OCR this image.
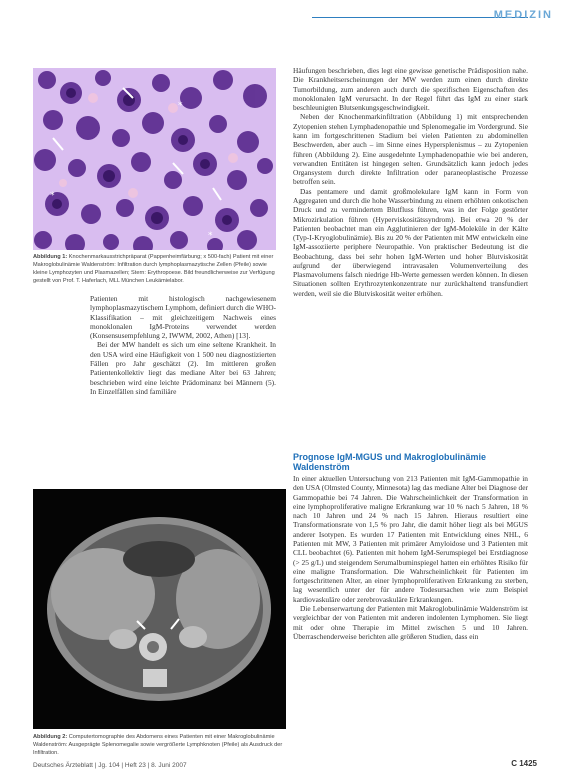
MEDIZIN
*
*
*
Abbildung 1: Knochenmarkausstrichpräparat (Pappenheimfärbung; x 500-fach) Patient mit einer Makroglobulinämie Waldenström: Infiltration durch lymphoplasmazytische Zellen (Pfeile) sowie kleine Lymphozyten und Plasmazellen; Stern: Erythropoese. Bild freundlicherweise zur Verfügung gestellt von Prof. T. Haferlach, MLL München Leukämielabor.

Patienten mit histologisch nachgewiesenem lymphoplasmazytischem Lymphom, definiert durch die WHO-Klassifikation – mit gleichzeitigem Nachweis eines monoklonalen IgM-Proteins verwendet werden (Konsensusempfehlung 2, IWWM, 2002, Athen) [13].

Bei der MW handelt es sich um eine seltene Krankheit. In den USA wird eine Häufigkeit von 1 500 neu diagnostizierten Fällen pro Jahr geschätzt (2). Im mittleren großen Patientenkollektiv liegt das mediane Alter bei 63 Jahren; beschrieben wird eine leichte Prädominanz bei Männern (5). In Einzelfällen sind familiäre

Abbildung 2: Computertomographie des Abdomens eines Patienten mit einer Makroglobulinämie Waldenström: Ausgeprägte Splenomegalie sowie vergrößerte Lymphknoten (Pfeile) als Ausdruck der Infiltration.

Häufungen beschrieben, dies legt eine gewisse genetische Prädisposition nahe. Die Krankheitserscheinungen der MW werden zum einen durch direkte Tumorbildung, zum anderen auch durch die spezifischen Eigenschaften des monoklonalen IgM verursacht. In der Regel führt das IgM zu einer stark beschleunigten Blutsenkungsgeschwindigkeit.

Neben der Knochenmarkinfiltration (Abbildung 1) mit entsprechenden Zytopenien stehen Lymphadenopathie und Splenomegalie im Vordergrund. Sie kann im fortgeschrittenen Stadium bei vielen Patienten zu abdominellen Beschwerden, aber auch – im Sinne eines Hypersplenismus – zu Zytopenien führen (Abbildung 2). Eine ausgedehnte Lymphadenopathie wie bei anderen, verwandten Entitäten ist hingegen selten. Grundsätzlich kann jedoch jedes Organsystem durch direkte Infiltration oder paraneoplastische Prozesse betroffen sein.

Das pentamere und damit großmolekulare IgM kann in Form von Aggregaten und durch die hohe Wasserbindung zu einem erhöhten onkotischen Druck und zu vermindertem Blutfluss führen, was in der Folge gestörter Mikrozirkulation führen (Hyperviskositätssyndrom). Bei etwa 20 % der Patienten beobachtet man ein Agglutinieren der IgM-Moleküle in der Kälte (Typ-I-Kryoglobulinämie). Bis zu 20 % der Patienten mit MW entwickeln eine IgM-assoziierte periphere Neuropathie. Von praktischer Bedeutung ist die Beobachtung, dass bei sehr hohen IgM-Werten und hoher Blutviskosität aufgrund der überwiegend intravasalen Volumenverteilung des Plasmavolumens falsch niedrige Hb-Werte gemessen werden können. In diesen Situationen sollten Erythrozytenkonzentrate nur zurückhaltend transfundiert werden, weil sie die Blutviskosität weiter erhöhen.

Prognose IgM-MGUS und Makroglobulinämie Waldenström

In einer aktuellen Untersuchung von 213 Patienten mit IgM-Gammopathie in den USA (Olmsted County, Minnesota) lag das mediane Alter bei Diagnose der Gammopathie bei 74 Jahren. Die Wahrscheinlichkeit der Transformation in eine lymphoproliferative maligne Erkrankung war 10 % nach 5 Jahren, 18 % nach 10 Jahren und 24 % nach 15 Jahren. Hieraus resultiert eine Transformationsrate von 1,5 % pro Jahr, die damit höher liegt als bei MGUS anderer Isotypen. Es wurden 17 Patienten mit Entwicklung eines NHL, 6 Patienten mit MW, 3 Patienten mit primärer Amyloidose und 3 Patienten mit CLL beobachtet (6). Patienten mit hohem IgM-Serumspiegel bei Erstdiagnose (> 25 g/L) und steigendem Serumalbuminspiegel hatten ein erhöhtes Risiko für eine maligne Transformation. Die Wahrscheinlichkeit für Patienten im fortgeschrittenen Alter, an einer lymphoproliferativen Erkrankung zu sterben, lag wesentlich unter der für andere Todesursachen wie zum Beispiel kardiovaskuläre oder zerebrovaskuläre Erkrankungen.

Die Lebenserwartung der Patienten mit Makroglobulinämie Waldenström ist vergleichbar der von Patienten mit anderen indolenten Lymphomen. Sie liegt mit oder ohne Therapie im Mittel zwischen 5 und 10 Jahren. Überraschenderweise berichten alle größeren Studien, dass ein

Deutsches Ärzteblatt | Jg. 104 | Heft 23 | 8. Juni 2007	C 1425
